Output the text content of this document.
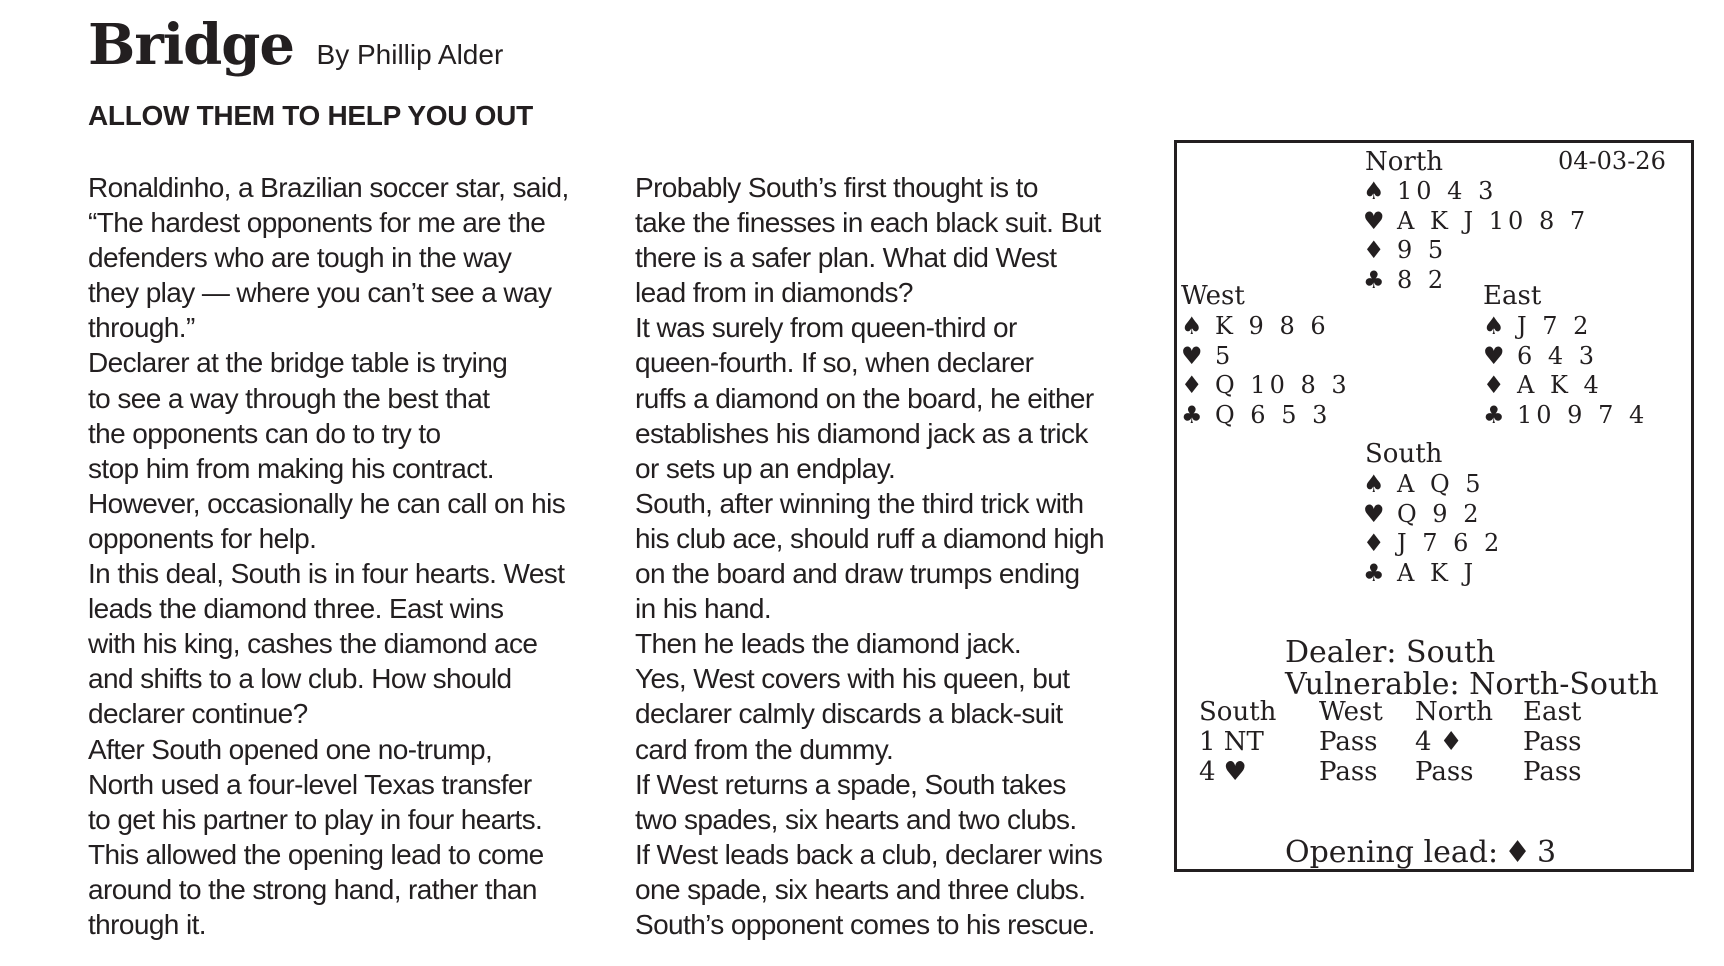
Bridge By Phillip Alder
ALLOW THEM TO HELP YOU OUT
Ronaldinho, a Brazilian soccer star, said,
“The hardest opponents for me are the
defenders who are tough in the way
they play — where you can’t see a way
through.”
Declarer at the bridge table is trying
to see a way through the best that
the opponents can do to try to
stop him from making his contract.
However, occasionally he can call on his
opponents for help.
In this deal, South is in four hearts. West
leads the diamond three. East wins
with his king, cashes the diamond ace
and shifts to a low club. How should
declarer continue?
After South opened one no-trump,
North used a four-level Texas transfer
to get his partner to play in four hearts.
This allowed the opening lead to come
around to the strong hand, rather than
through it.
Probably South’s first thought is to
take the finesses in each black suit. But
there is a safer plan. What did West
lead from in diamonds?
It was surely from queen-third or
queen-fourth. If so, when declarer
ruffs a diamond on the board, he either
establishes his diamond jack as a trick
or sets up an endplay.
South, after winning the third trick with
his club ace, should ruff a diamond high
on the board and draw trumps ending
in his hand.
Then he leads the diamond jack.
Yes, West covers with his queen, but
declarer calmly discards a black-suit
card from the dummy.
If West returns a spade, South takes
two spades, six hearts and two clubs.
If West leads back a club, declarer wins
one spade, six hearts and three clubs.
South’s opponent comes to his rescue.
North	04-03-26
♠ 10 4 3
♥ A K J 10 8 7
♦ 9 5
♣ 8 2
West
♠ K 9 8 6
♥ 5
♦ Q 10 8 3
♣ Q 6 5 3
East
♠ J 7 2
♥ 6 4 3
♦ A K 4
♣ 10 9 7 4
South
♠ A Q 5
♥ Q 9 2
♦ J 7 6 2
♣ A K J
Dealer: South
Vulnerable: North-South
South West North East
1 NT Pass 4 ♦ Pass
4 ♥	Pass Pass Pass
Opening lead: ♦ 3
